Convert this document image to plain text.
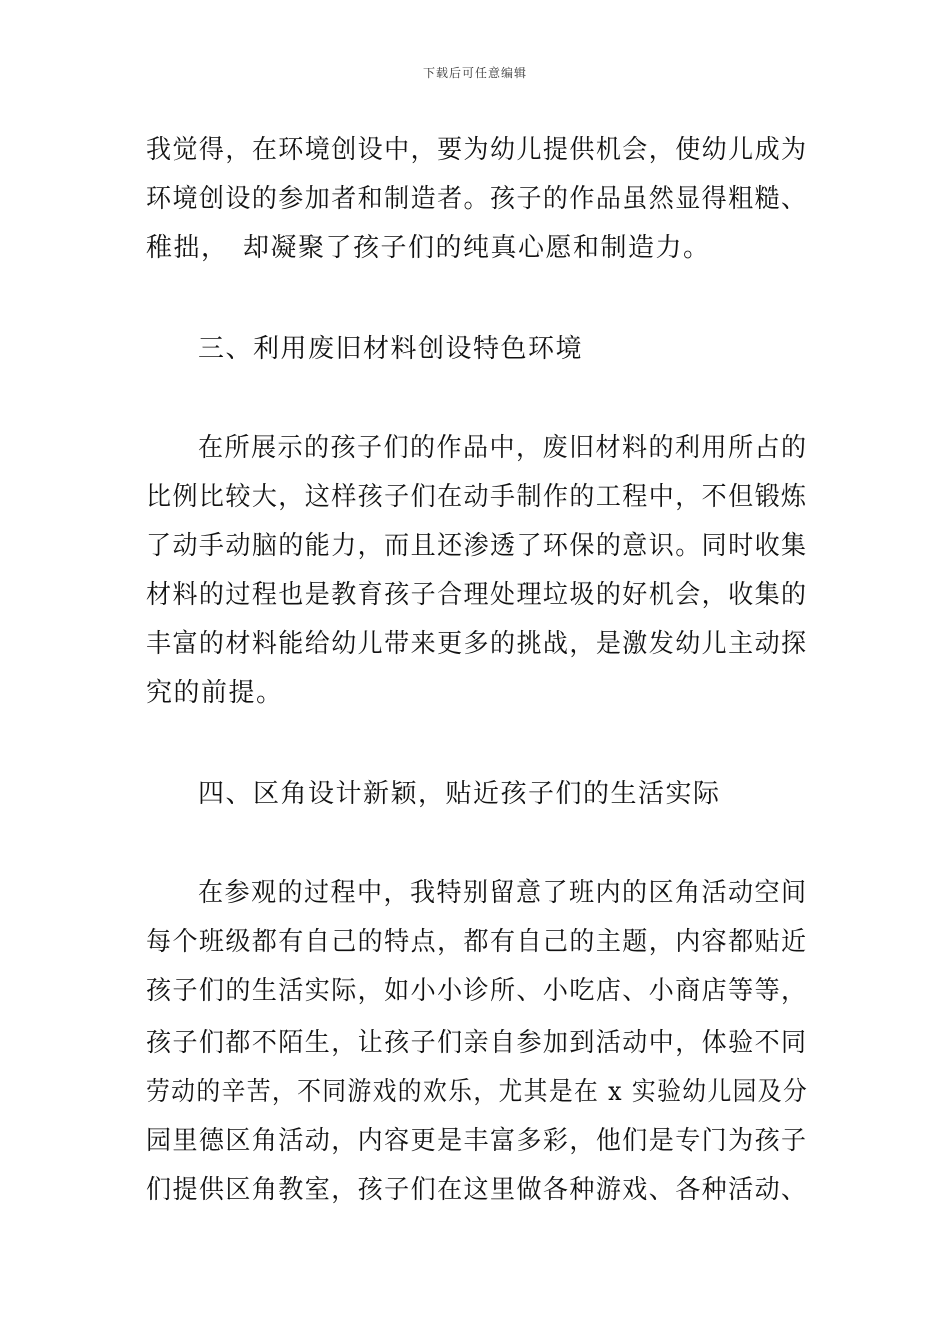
下载后可任意编辑
我觉得，在环境创设中，要为幼儿提供机会，使幼儿成为
环境创设的参加者和制造者。孩子的作品虽然显得粗糙、
稚拙，　却凝聚了孩子们的纯真心愿和制造力。
三、利用废旧材料创设特色环境
在所展示的孩子们的作品中，废旧材料的利用所占的
比例比较大，这样孩子们在动手制作的工程中，不但锻炼
了动手动脑的能力，而且还渗透了环保的意识。同时收集
材料的过程也是教育孩子合理处理垃圾的好机会，收集的
丰富的材料能给幼儿带来更多的挑战，是激发幼儿主动探
究的前提。
四、区角设计新颖，贴近孩子们的生活实际
在参观的过程中，我特别留意了班内的区角活动空间
每个班级都有自己的特点，都有自己的主题，内容都贴近
孩子们的生活实际，如小小诊所、小吃店、小商店等等，
孩子们都不陌生，让孩子们亲自参加到活动中，体验不同
劳动的辛苦，不同游戏的欢乐，尤其是在 x 实验幼儿园及分
园里德区角活动，内容更是丰富多彩，他们是专门为孩子
们提供区角教室，孩子们在这里做各种游戏、各种活动、
